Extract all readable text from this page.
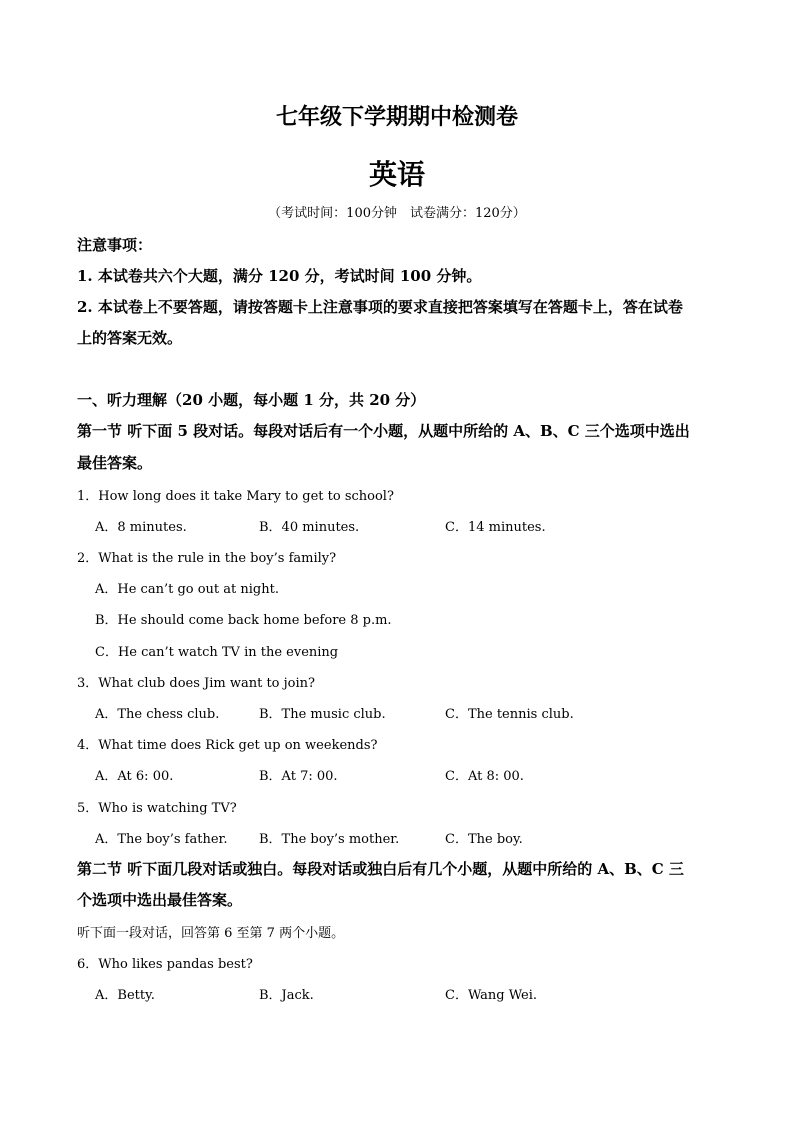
七年级下学期期中检测卷
英语
（考试时间：100分钟　试卷满分：120分）
注意事项：
1. 本试卷共六个大题，满分 120 分，考试时间 100 分钟。
2. 本试卷上不要答题，请按答题卡上注意事项的要求直接把答案填写在答题卡上，答在试卷
上的答案无效。
一、听力理解（20 小题，每小题 1 分，共 20 分）
第一节 听下面 5 段对话。每段对话后有一个小题，从题中所给的 A、B、C 三个选项中选出
最佳答案。
1．How long does it take Mary to get to school?
A．8 minutes.	B．40 minutes.	C．14 minutes.
2．What is the rule in the boy’s family?
A．He can’t go out at night.
B．He should come back home before 8 p.m.
C．He can’t watch TV in the evening
3．What club does Jim want to join?
A．The chess club.	B．The music club.	C．The tennis club.
4．What time does Rick get up on weekends?
A．At 6: 00.	B．At 7: 00.	C．At 8: 00.
5．Who is watching TV?
A．The boy’s father. B．The boy’s mother.	C．The boy.
第二节 听下面几段对话或独白。每段对话或独白后有几个小题，从题中所给的 A、B、C 三
个选项中选出最佳答案。
听下面一段对话，回答第 6 至第 7 两个小题。
6．Who likes pandas best?
A．Betty.	B．Jack.	C．Wang Wei.
